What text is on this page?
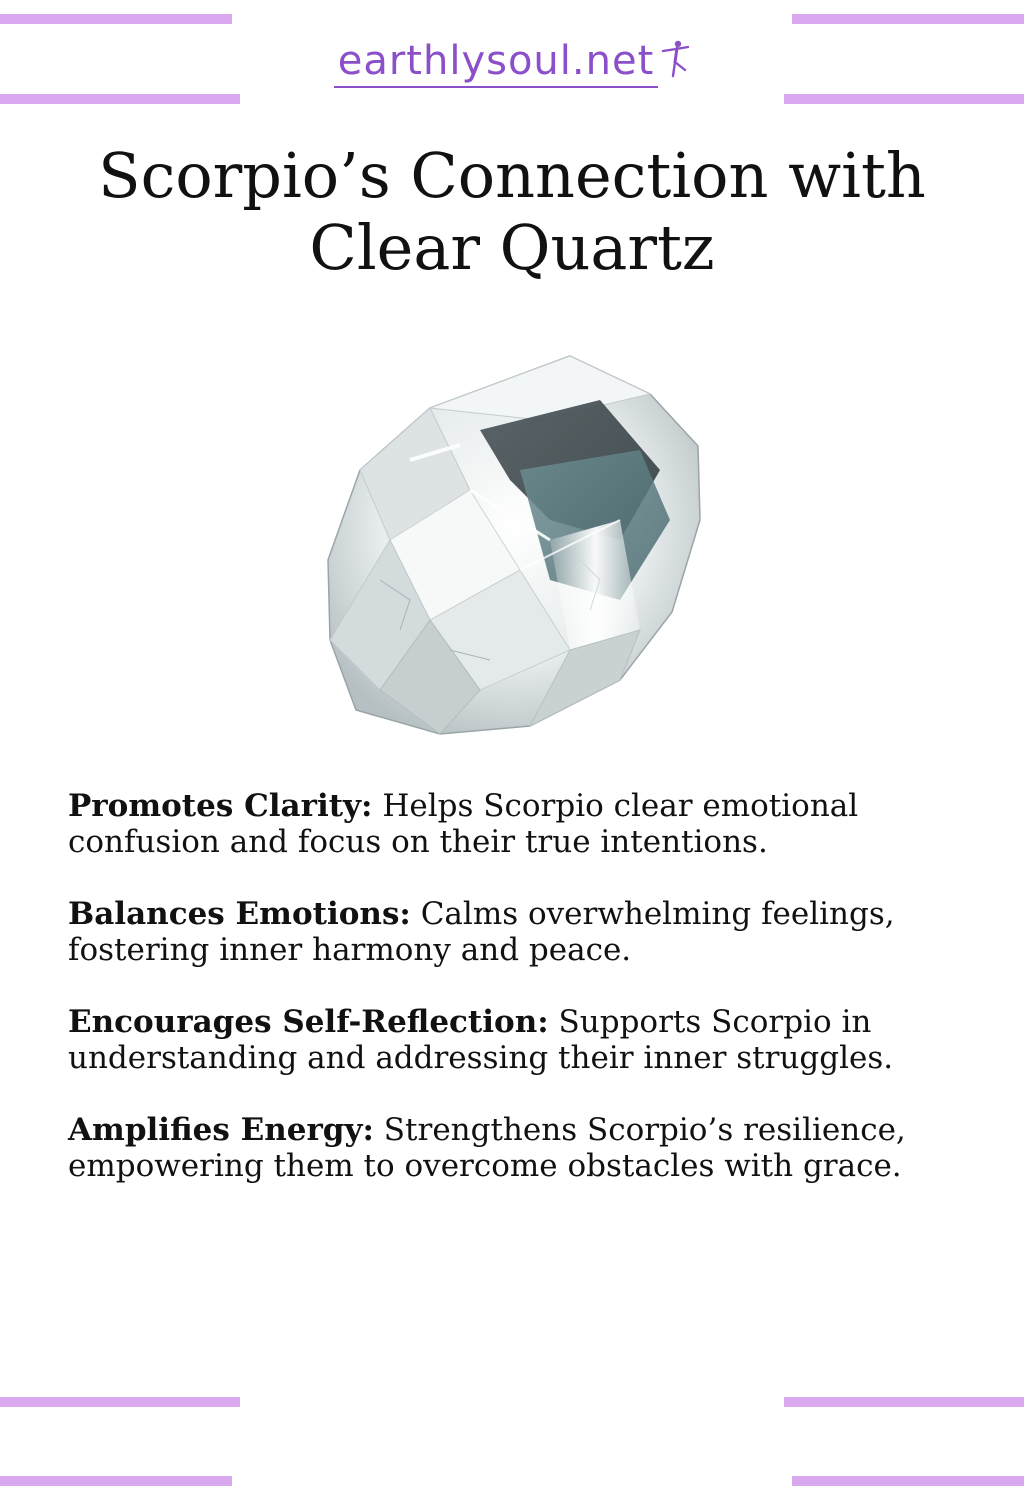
earthlysoul.net
Scorpio’s Connection with
Clear Quartz

Promotes Clarity: Helps Scorpio clear emotional confusion and focus on their true intentions.

Balances Emotions: Calms overwhelming feelings, fostering inner harmony and peace.

Encourages Self-Reflection: Supports Scorpio in understanding and addressing their inner struggles.

Amplifies Energy: Strengthens Scorpio’s resilience, empowering them to overcome obstacles with grace.
